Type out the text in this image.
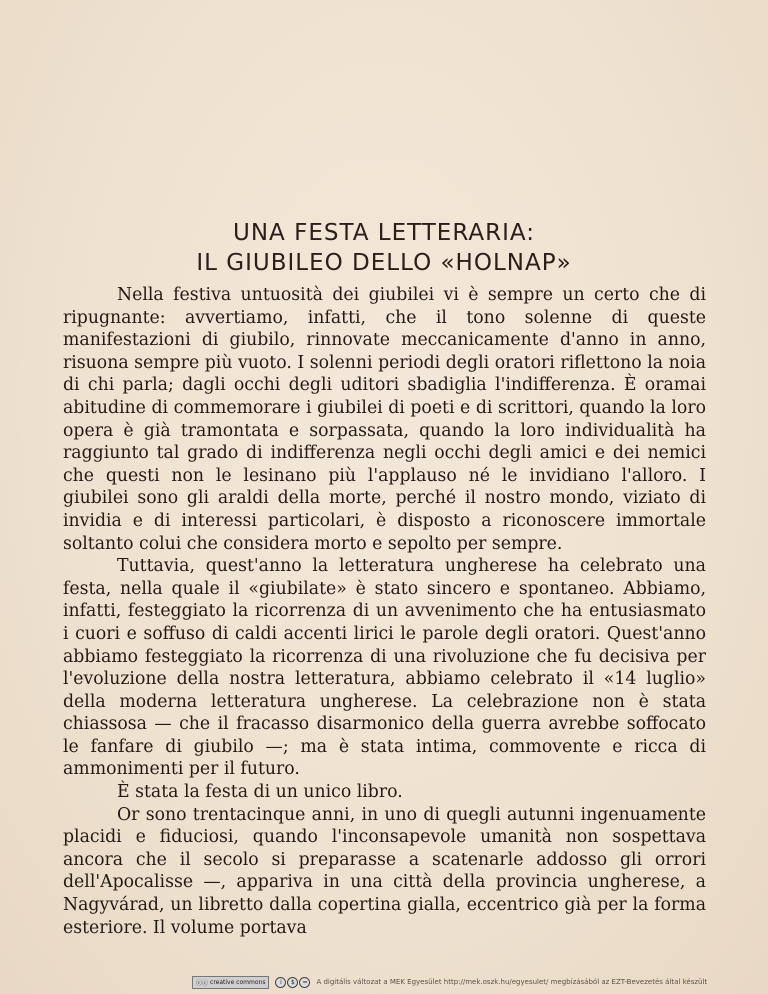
UNA FESTA LETTERARIA:
IL GIUBILEO DELLO «HOLNAP»

Nella festiva untuosità dei giubilei vi è sempre un certo che di ripugnante: avvertiamo, infatti, che il tono solenne di queste manifestazioni di giubilo, rinnovate meccanicamente d'anno in anno, risuona sempre più vuoto. I solenni periodi degli oratori riflettono la noia di chi parla; dagli occhi degli uditori sbadiglia l'indifferenza. È oramai abitudine di commemorare i giubilei di poeti e di scrittori, quando la loro opera è già tramontata e sorpassata, quando la loro individualità ha raggiunto tal grado di indifferenza negli occhi degli amici e dei nemici che questi non le lesinano più l'applauso né le invidiano l'alloro. I giubilei sono gli araldi della morte, perché il nostro mondo, viziato di invidia e di interessi particolari, è disposto a riconoscere immortale soltanto colui che considera morto e sepolto per sempre.

Tuttavia, quest'anno la letteratura ungherese ha celebrato una festa, nella quale il «giubilate» è stato sincero e spontaneo. Abbiamo, infatti, festeggiato la ricorrenza di un avvenimento che ha entusiasmato i cuori e soffuso di caldi accenti lirici le parole degli oratori. Quest'anno abbiamo festeggiato la ricorrenza di una rivoluzione che fu decisiva per l'evoluzione della nostra letteratura, abbiamo celebrato il «14 luglio» della moderna letteratura ungherese. La celebrazione non è stata chiassosa — che il fracasso disarmonico della guerra avrebbe soffocato le fanfare di giubilo —; ma è stata intima, commovente e ricca di ammonimenti per il futuro.

È stata la festa di un unico libro.

Or sono trentacinque anni, in uno di quegli autunni ingenuamente placidi e fiduciosi, quando l'inconsapevole umanità non sospettava ancora che il secolo si preparasse a scatenarle addosso gli orrori dell'Apocalisse —, appariva in una città della provincia ungherese, a Nagyvárad, un libretto dalla copertina gialla, eccentrico già per la forma esteriore. Il volume portava

ⓒⓒ creative commons	i	$	=	A digitális változat a MEK Egyesület http://mek.oszk.hu/egyesulet/ megbízásából az EZT-Bevezetés által készült
